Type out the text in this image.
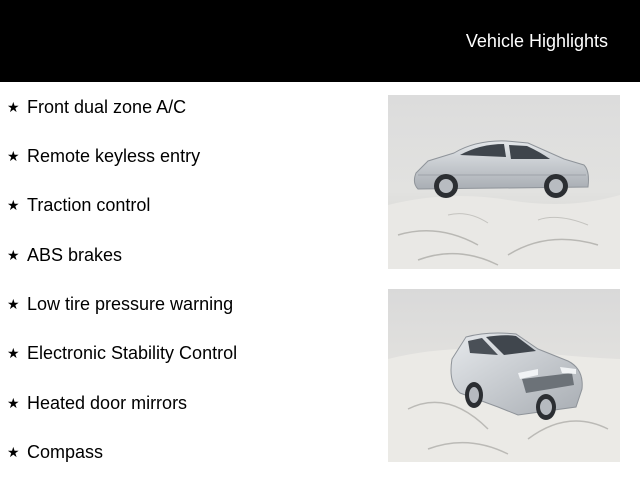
Vehicle Highlights
★ Front dual zone A/C
★ Remote keyless entry
★ Traction control
★ ABS brakes
★ Low tire pressure warning
★ Electronic Stability Control
★ Heated door mirrors
★ Compass
